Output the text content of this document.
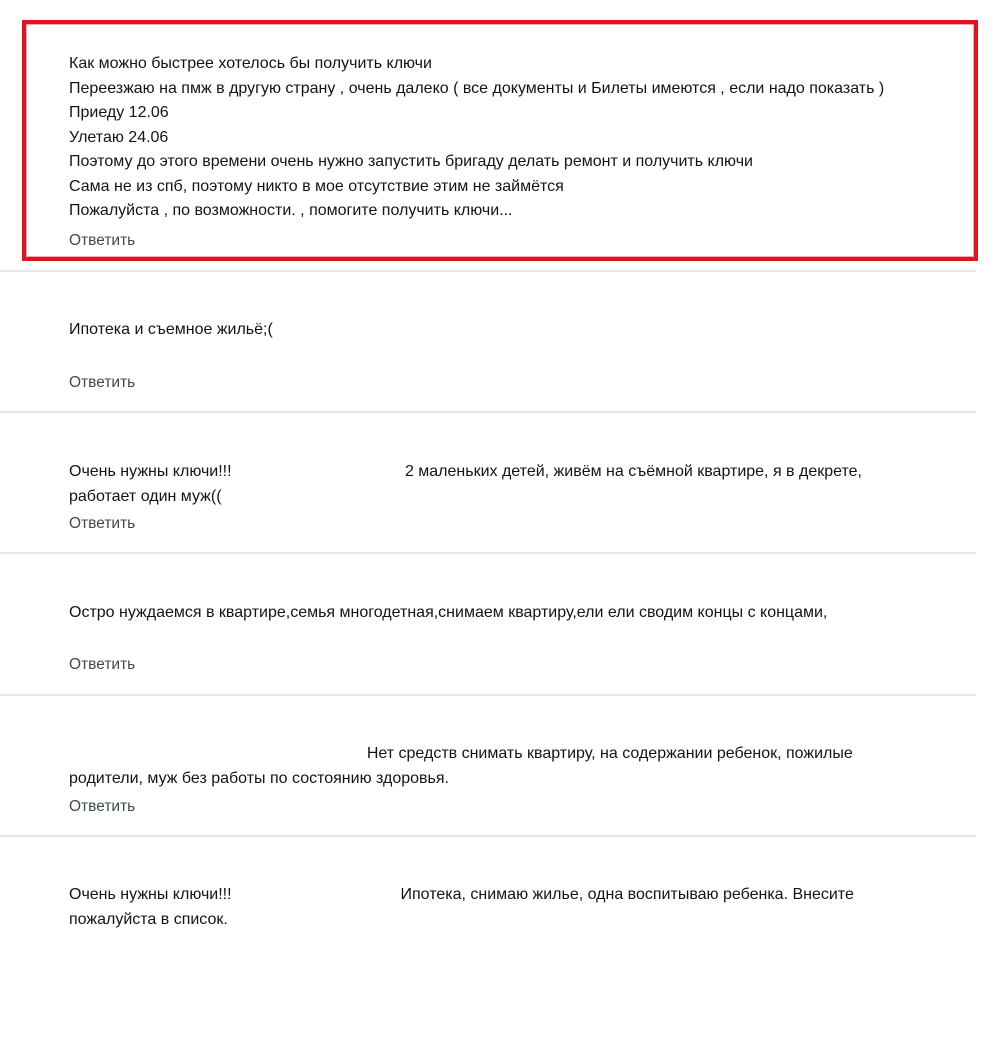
Как можно быстрее хотелось бы получить ключи
Переезжаю на пмж в другую страну , очень далеко ( все документы и Билеты имеются , если надо показать )
Приеду 12.06
Улетаю 24.06
Поэтому до этого времени очень нужно запустить бригаду делать ремонт и получить ключи
Сама не из спб, поэтому никто в мое отсутствие этим не займётся
Пожалуйста , по возможности. , помогите получить ключи...
Ответить
Ипотека и съемное жильё;(
Ответить
Очень нужны ключи!!!                                       2 маленьких детей, живём на съёмной квартире, я в декрете,
работает один муж((
Ответить
Остро нуждаемся в квартире,семья многодетная,снимаем квартиру,ели ели сводим концы с концами,
Ответить
Нет средств снимать квартиру, на содержании ребенок, пожилые
родители, муж без работы по состоянию здоровья.
Ответить
Очень нужны ключи!!!                                      Ипотека, снимаю жилье, одна воспитываю ребенка. Внесите
пожалуйста в список.
